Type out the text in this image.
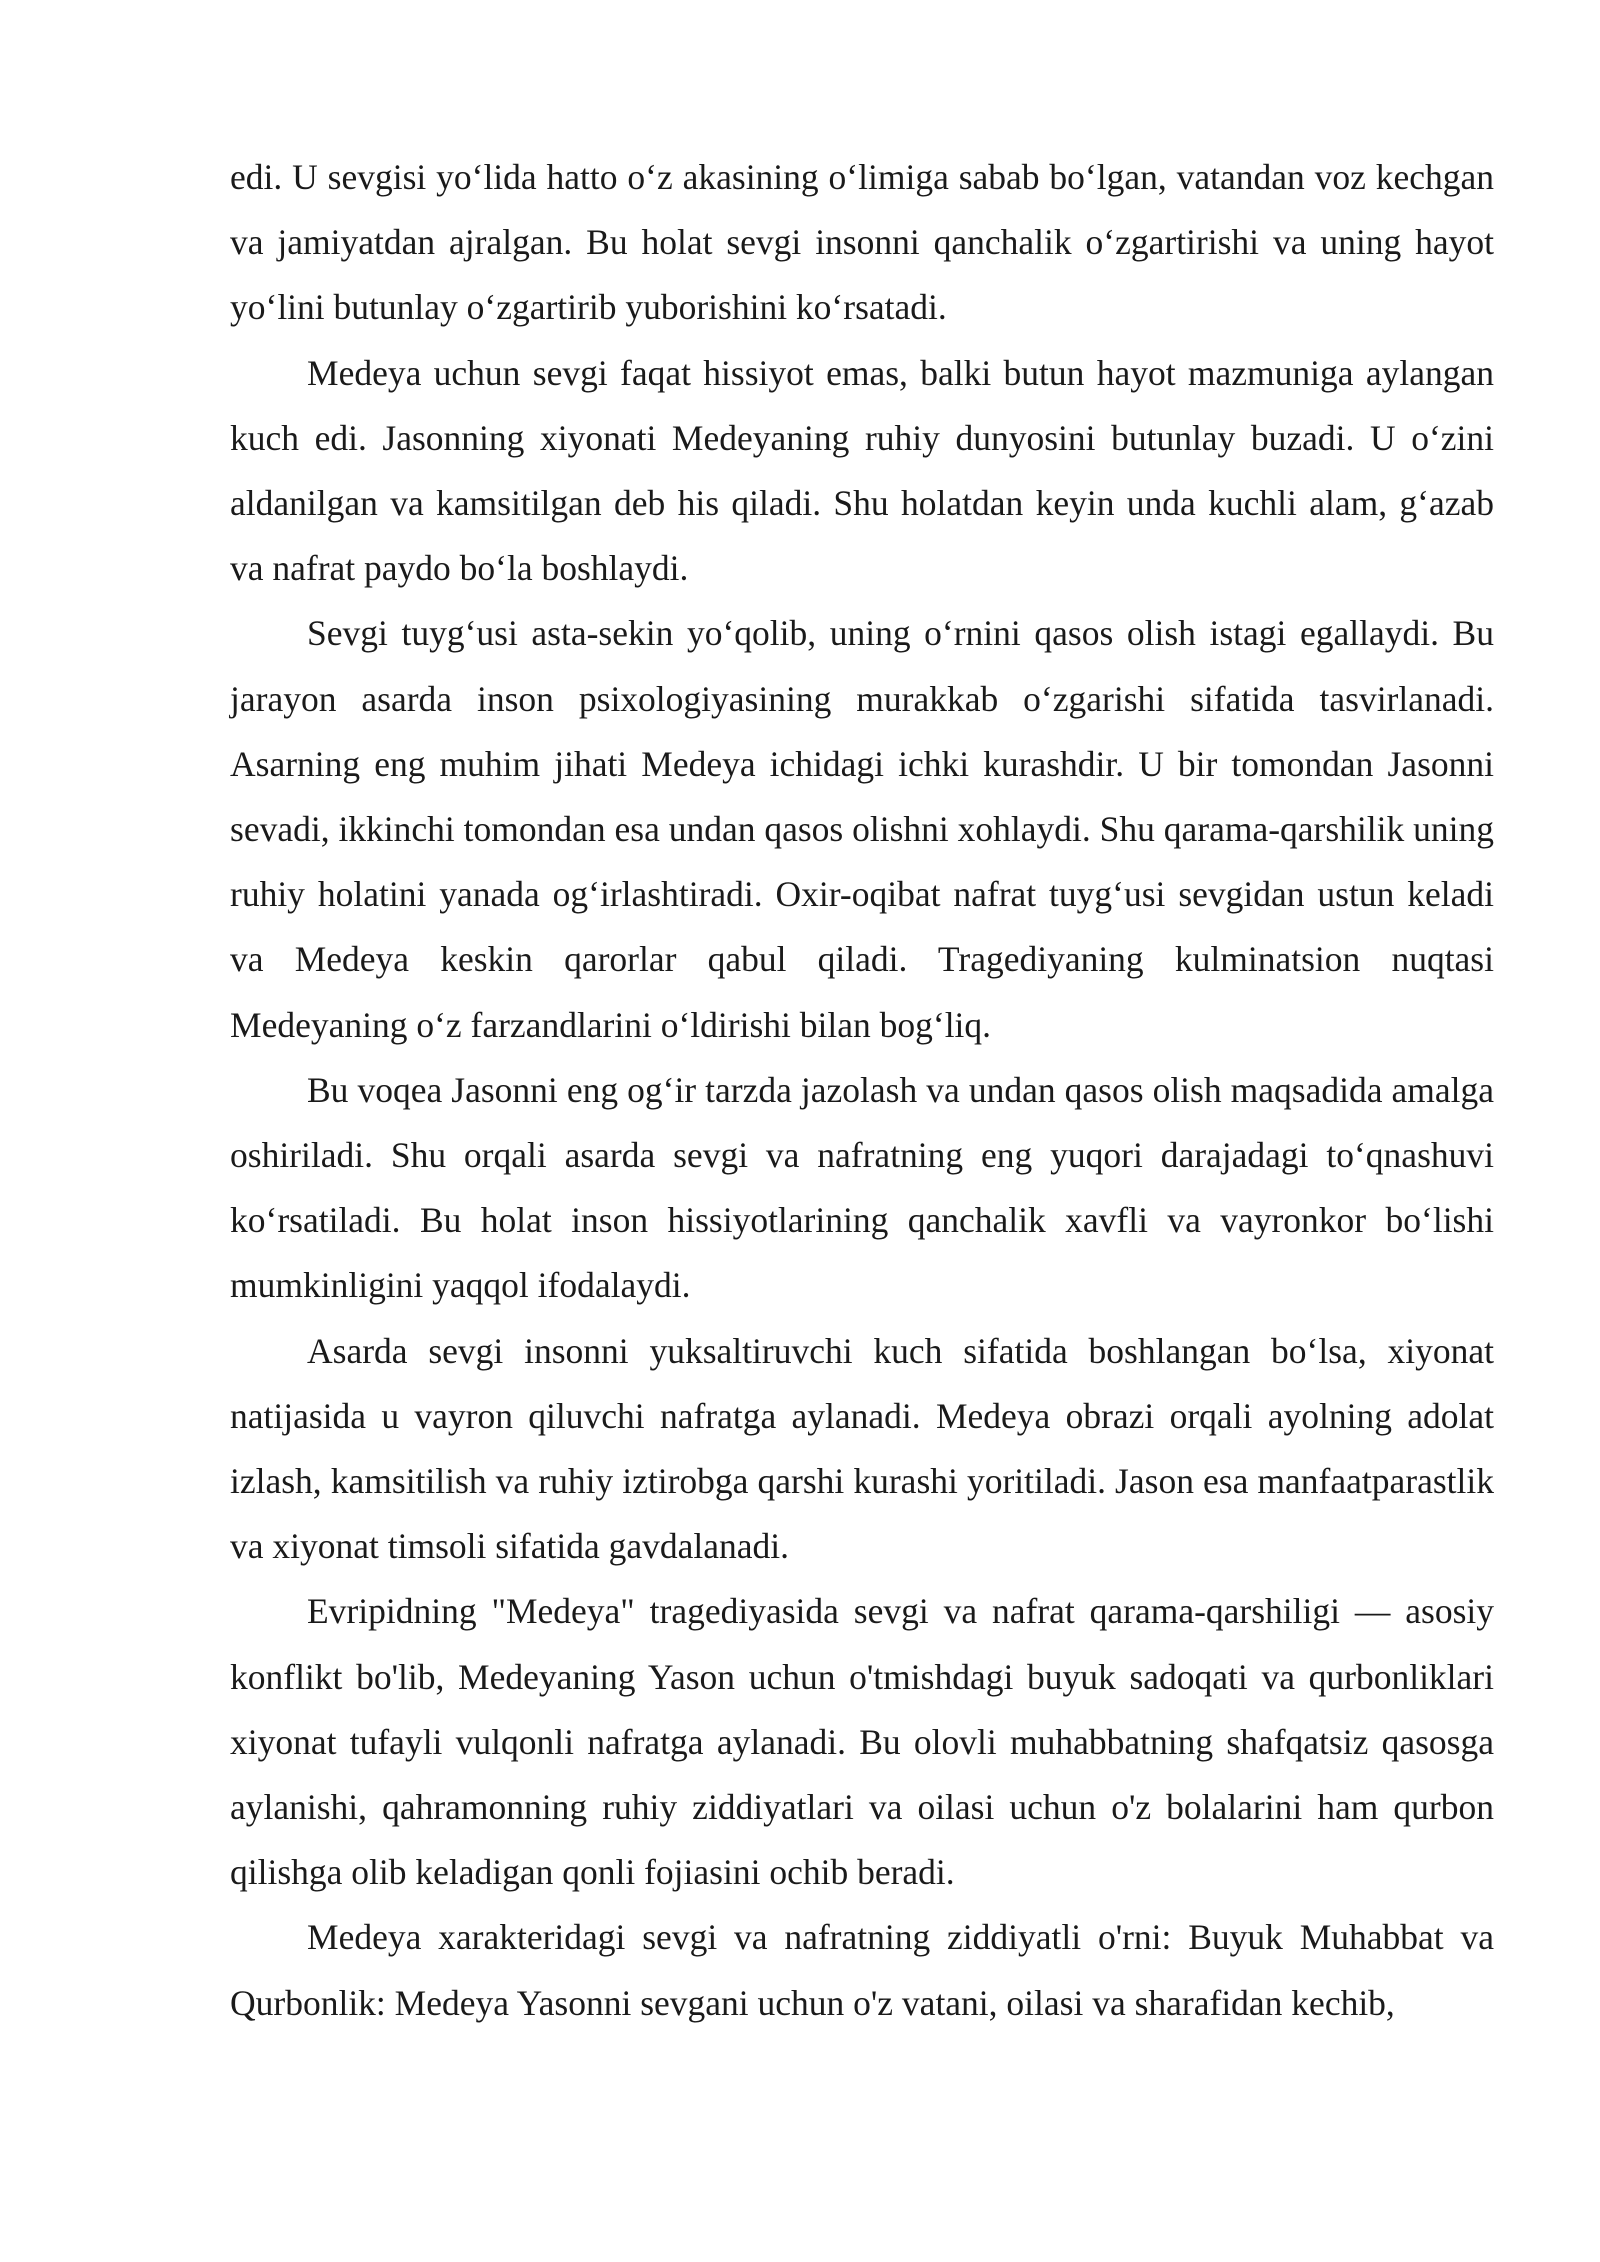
edi. U sevgisi yo‘lida hatto o‘z akasining o‘limiga sabab bo‘lgan, vatandan voz kechgan va jamiyatdan ajralgan. Bu holat sevgi insonni qanchalik o‘zgartirishi va uning hayot yo‘lini butunlay o‘zgartirib yuborishini ko‘rsatadi.

Medeya uchun sevgi faqat hissiyot emas, balki butun hayot mazmuniga aylangan kuch edi. Jasonning xiyonati Medeyaning ruhiy dunyosini butunlay buzadi. U o‘zini aldanilgan va kamsitilgan deb his qiladi. Shu holatdan keyin unda kuchli alam, g‘azab va nafrat paydo bo‘la boshlaydi.

Sevgi tuyg‘usi asta-sekin yo‘qolib, uning o‘rnini qasos olish istagi egallaydi. Bu jarayon asarda inson psixologiyasining murakkab o‘zgarishi sifatida tasvirlanadi. Asarning eng muhim jihati Medeya ichidagi ichki kurashdir. U bir tomondan Jasonni sevadi, ikkinchi tomondan esa undan qasos olishni xohlaydi. Shu qarama-qarshilik uning ruhiy holatini yanada og‘irlashtiradi. Oxir-oqibat nafrat tuyg‘usi sevgidan ustun keladi va Medeya keskin qarorlar qabul qiladi. Tragediyaning kulminatsion nuqtasi Medeyaning o‘z farzandlarini o‘ldirishi bilan bog‘liq.

Bu voqea Jasonni eng og‘ir tarzda jazolash va undan qasos olish maqsadida amalga oshiriladi. Shu orqali asarda sevgi va nafratning eng yuqori darajadagi to‘qnashuvi ko‘rsatiladi. Bu holat inson hissiyotlarining qanchalik xavfli va vayronkor bo‘lishi mumkinligini yaqqol ifodalaydi.

Asarda sevgi insonni yuksaltiruvchi kuch sifatida boshlangan bo‘lsa, xiyonat natijasida u vayron qiluvchi nafratga aylanadi. Medeya obrazi orqali ayolning adolat izlash, kamsitilish va ruhiy iztirobga qarshi kurashi yoritiladi. Jason esa manfaatparastlik va xiyonat timsoli sifatida gavdalanadi.

Evripidning "Medeya" tragediyasida sevgi va nafrat qarama-qarshiligi — asosiy konflikt bo'lib, Medeyaning Yason uchun o'tmishdagi buyuk sadoqati va qurbonliklari xiyonat tufayli vulqonli nafratga aylanadi. Bu olovli muhabbatning shafqatsiz qasosga aylanishi, qahramonning ruhiy ziddiyatlari va oilasi uchun o'z bolalarini ham qurbon qilishga olib keladigan qonli fojiasini ochib beradi.

Medeya xarakteridagi sevgi va nafratning ziddiyatli o'rni: Buyuk Muhabbat va Qurbonlik: Medeya Yasonni sevgani uchun o'z vatani, oilasi va sharafidan kechib,
